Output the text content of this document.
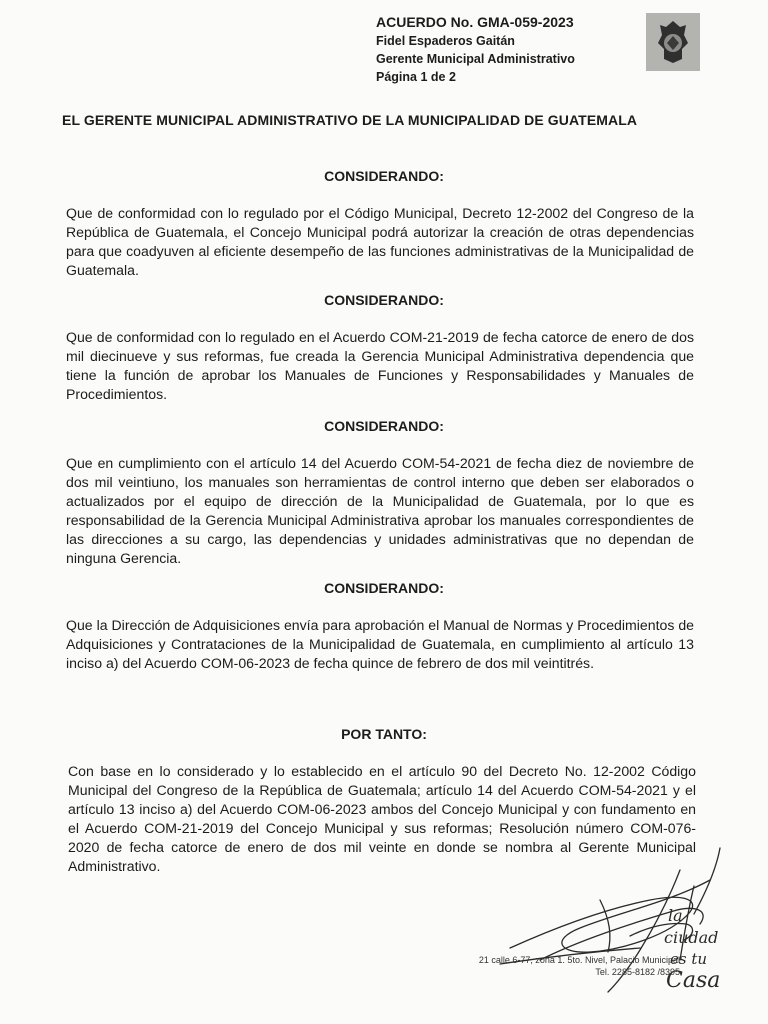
ACUERDO No. GMA-059-2023
Fidel Espaderos Gaitán
Gerente Municipal Administrativo
Página 1 de 2
EL GERENTE MUNICIPAL ADMINISTRATIVO DE LA MUNICIPALIDAD DE GUATEMALA
CONSIDERANDO:
Que de conformidad con lo regulado por el Código Municipal, Decreto 12-2002 del Congreso de la República de Guatemala, el Concejo Municipal podrá autorizar la creación de otras dependencias para que coadyuven al eficiente desempeño de las funciones administrativas de la Municipalidad de Guatemala.
CONSIDERANDO:
Que de conformidad con lo regulado en el Acuerdo COM-21-2019 de fecha catorce de enero de dos mil diecinueve y sus reformas, fue creada la Gerencia Municipal Administrativa dependencia que tiene la función de aprobar los Manuales de Funciones y Responsabilidades y Manuales de Procedimientos.
CONSIDERANDO:
Que en cumplimiento con el artículo 14 del Acuerdo COM-54-2021 de fecha diez de noviembre de dos mil veintiuno, los manuales son herramientas de control interno que deben ser elaborados o actualizados por el equipo de dirección de la Municipalidad de Guatemala, por lo que es responsabilidad de la Gerencia Municipal Administrativa aprobar los manuales correspondientes de las direcciones a su cargo, las dependencias y unidades administrativas que no dependan de ninguna Gerencia.
CONSIDERANDO:
Que la Dirección de Adquisiciones envía para aprobación el Manual de Normas y Procedimientos de Adquisiciones y Contrataciones de la Municipalidad de Guatemala, en cumplimiento al artículo 13 inciso a) del Acuerdo COM-06-2023 de fecha quince de febrero de dos mil veintitrés.
POR TANTO:
Con base en lo considerado y lo establecido en el artículo 90 del Decreto No. 12-2002 Código Municipal del Congreso de la República de Guatemala; artículo 14 del Acuerdo COM-54-2021 y el artículo 13 inciso a) del Acuerdo COM-06-2023 ambos del Concejo Municipal y con fundamento en el Acuerdo COM-21-2019 del Concejo Municipal y sus reformas; Resolución número COM-076-2020 de fecha catorce de enero de dos mil veinte en donde se nombra al Gerente Municipal Administrativo.
la
ciudad
es tu
Casa
21 calle 6-77, zona 1. 5to. Nivel, Palacio Municipal
Tel. 2285-8182 /8395
